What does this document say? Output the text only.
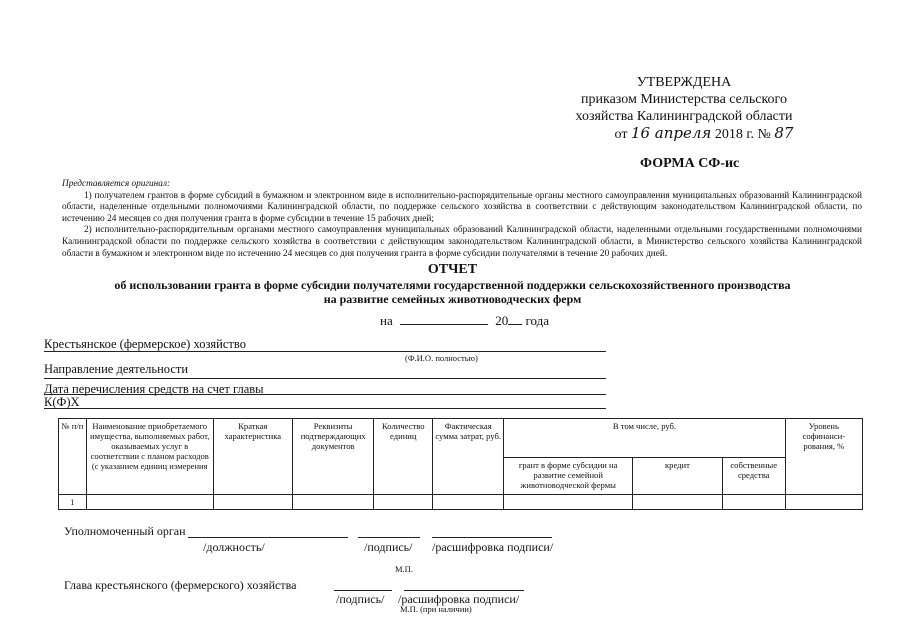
УТВЕРЖДЕНА
приказом Министерства сельского
хозяйства Калининградской области
от 16 апреля 2018 г. № 87
ФОРМА СФ-ис

Представляется оригинал:

1) получателем грантов в форме субсидий в бумажном и электронном виде в исполнительно-распорядительные органы местного самоуправления муниципальных образований Калининградской области, наделенные отдельными полномочиями Калининградской области, по поддержке сельского хозяйства в соответствии с действующим законодательством Калининградской области, по истечению 24 месяцев со дня получения гранта в форме субсидии в течение 15 рабочих дней;

2) исполнительно-распорядительным органами местного самоуправления муниципальных образований Калининградской области, наделенными отдельными государственными полномочиями Калининградской области по поддержке сельского хозяйства в соответствии с действующим законодательством Калининградской области, в Министерство сельского хозяйства Калининградской области в бумажном и электронном виде по истечению 24 месяцев со дня получения гранта в форме субсидии получателями в течение 20 рабочих дней.

ОТЧЕТ
об использовании гранта в форме субсидии получателями государственной поддержки сельскохозяйственного производства
на развитие семейных животноводческих ферм
на	20 года
Крестьянское (фермерское) хозяйство
(Ф.И.О. полностью)
Направление деятельности
Дата перечисления средств на счет главы
К(Ф)Х
№ п/п	Наименование приобретаемого имущества, выполняемых работ, оказываемых услуг в соответствии с планом расходов (с указанием единиц измерения	Краткая характеристика	Реквизиты подтверждающих документов	Количество единиц	Фактическая сумма затрат, руб.	В том числе, руб.			Уровень софинанси-рования, %
						грант в форме субсидии на развитие семейной животноводческой фермы	кредит	собственные средства	
1									
Уполномоченный орган
/должность/	/подпись/ /расшифровка подписи/
М.П.
Глава крестьянского (фермерского) хозяйства
/подпись/ /расшифровка подписи/
М.П. (при наличии)
